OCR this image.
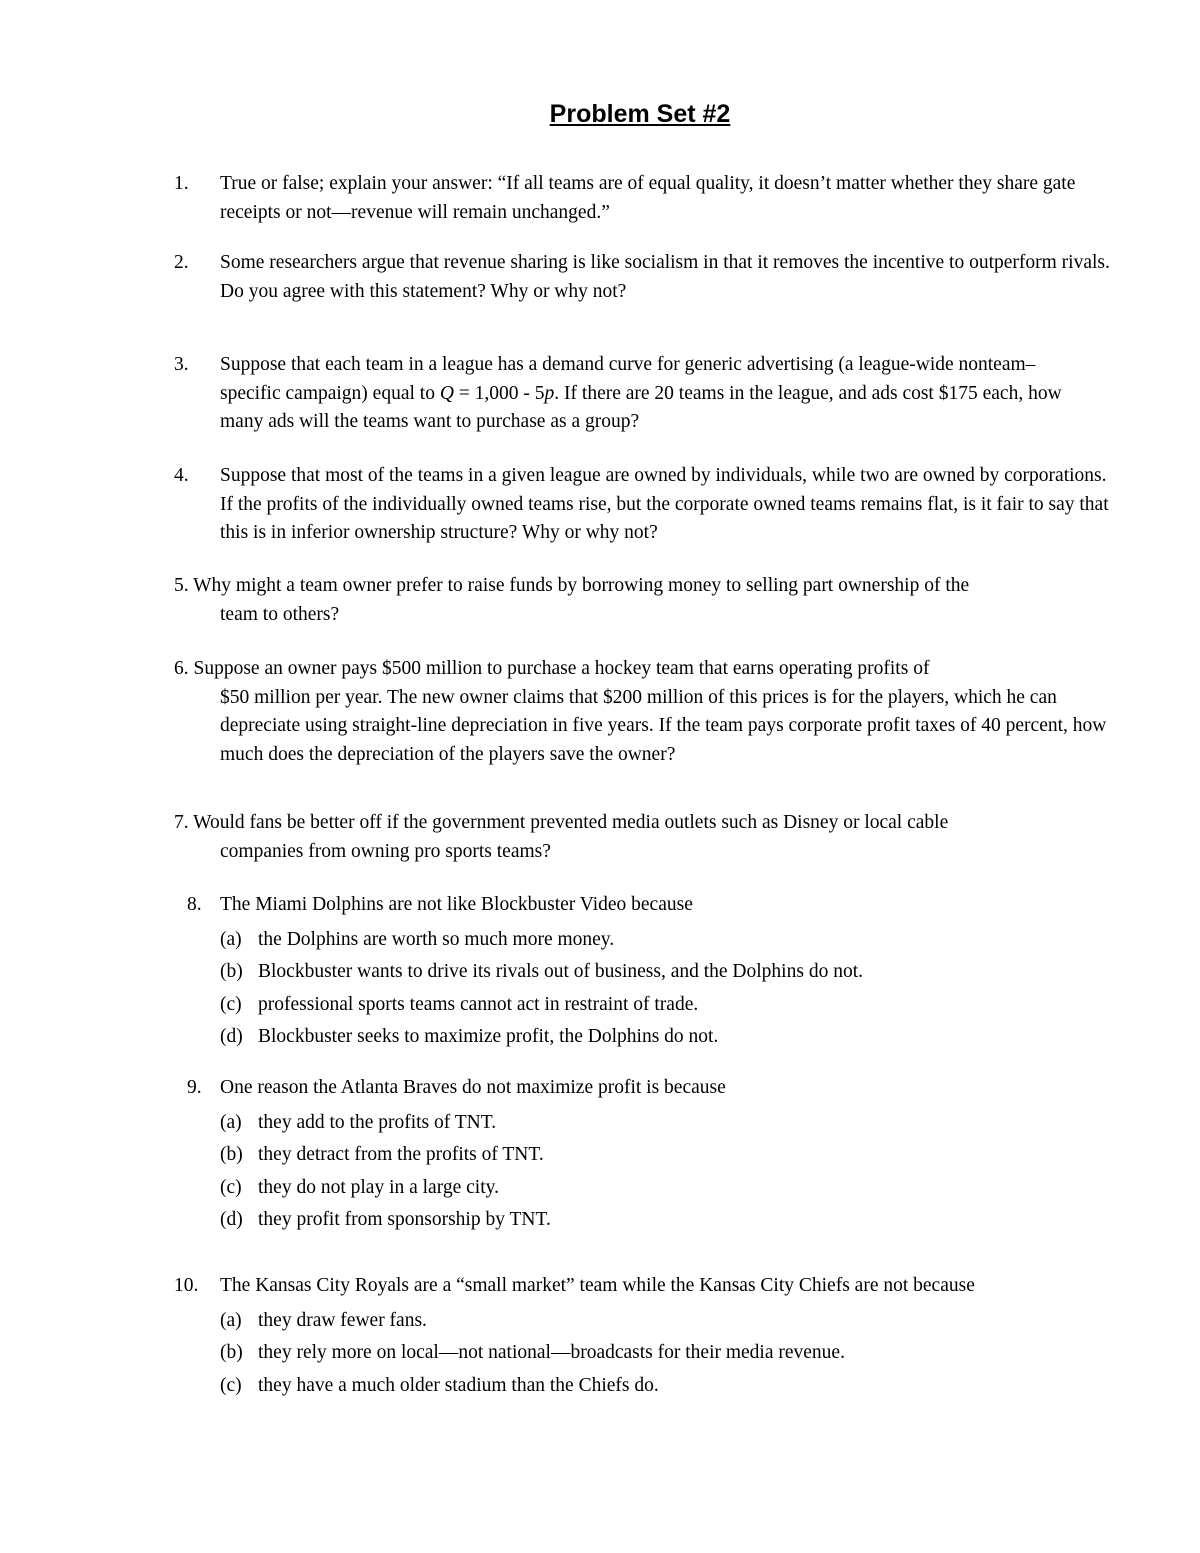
Problem Set #2
1. True or false; explain your answer: “If all teams are of equal quality, it doesn’t matter whether they share gate receipts or not—revenue will remain unchanged.”
2. Some researchers argue that revenue sharing is like socialism in that it removes the incentive to outperform rivals. Do you agree with this statement? Why or why not?
3. Suppose that each team in a league has a demand curve for generic advertising (a league-wide nonteam–specific campaign) equal to Q = 1,000 - 5p. If there are 20 teams in the league, and ads cost $175 each, how many ads will the teams want to purchase as a group?
4. Suppose that most of the teams in a given league are owned by individuals, while two are owned by corporations. If the profits of the individually owned teams rise, but the corporate owned teams remains flat, is it fair to say that this is in inferior ownership structure? Why or why not?
5. Why might a team owner prefer to raise funds by borrowing money to selling part ownership of the
team to others?
6. Suppose an owner pays $500 million to purchase a hockey team that earns operating profits of
$50 million per year. The new owner claims that $200 million of this prices is for the players, which he can depreciate using straight-line depreciation in five years. If the team pays corporate profit taxes of 40 percent, how much does the depreciation of the players save the owner?
7. Would fans be better off if the government prevented media outlets such as Disney or local cable
companies from owning pro sports teams?
8. The Miami Dolphins are not like Blockbuster Video because
(a) the Dolphins are worth so much more money.
(b) Blockbuster wants to drive its rivals out of business, and the Dolphins do not.
(c) professional sports teams cannot act in restraint of trade.
(d) Blockbuster seeks to maximize profit, the Dolphins do not.
9. One reason the Atlanta Braves do not maximize profit is because
(a) they add to the profits of TNT.
(b) they detract from the profits of TNT.
(c) they do not play in a large city.
(d) they profit from sponsorship by TNT.
10. The Kansas City Royals are a “small market” team while the Kansas City Chiefs are not because
(a) they draw fewer fans.
(b) they rely more on local—not national—broadcasts for their media revenue.
(c) they have a much older stadium than the Chiefs do.
